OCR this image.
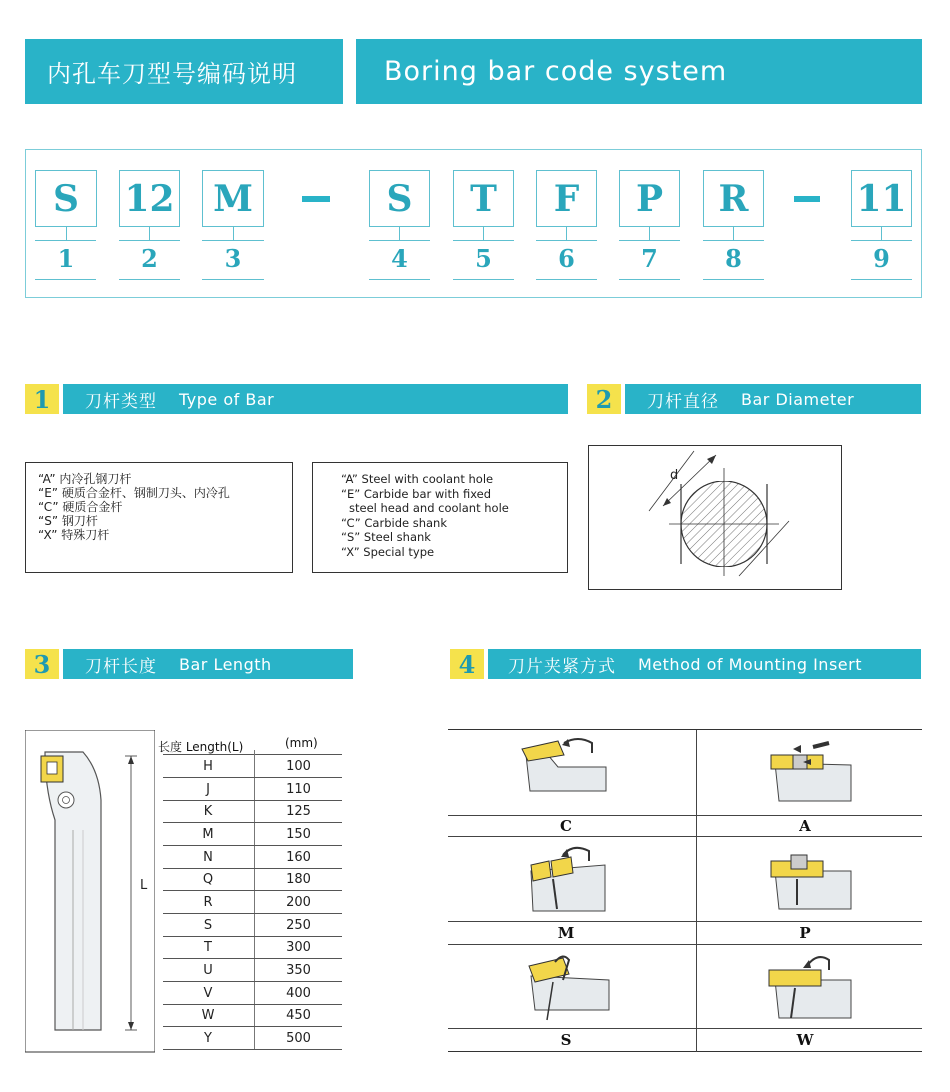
内孔车刀型号编码说明	Boring bar code system
S	12	M	S	T	F	P	R	11
1	2	3	4	5	6	7	8	9
1	刀杆类型 Type of Bar	2	刀杆直径 Bar Diameter
“A” 内冷孔钢刀杆
“E” 硬质合金杆、钢制刀头、内冷孔
“C” 硬质合金杆
“S” 钢刀杆
“X” 特殊刀杆
“A” Steel with coolant hole
“E” Carbide bar with fixed
steel head and coolant hole
“C” Carbide shank
“S” Steel shank
“X” Special type
d
3	刀杆长度 Bar Length	4	刀片夹紧方式 Method of Mounting Insert
L
长度 Length(L)	(mm)
H	100
J	110
K	125
M	150
N	160
Q	180
R	200
S	250
T	300
U	350
V	400
W	450
Y	500
C	A
M	P
S	W
